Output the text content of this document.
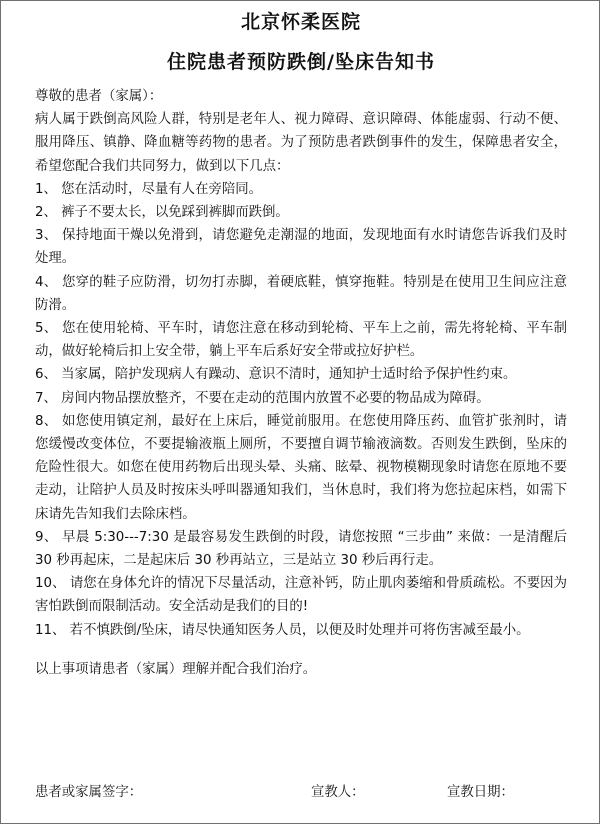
北京怀柔医院
住院患者预防跌倒/坠床告知书

尊敬的患者（家属）：

病人属于跌倒高风险人群，特别是老年人、视力障碍、意识障碍、体能虚弱、行动不便、服用降压、镇静、降血糖等药物的患者。为了预防患者跌倒事件的发生，保障患者安全，希望您配合我们共同努力，做到以下几点：

1、 您在活动时，尽量有人在旁陪同。

2、 裤子不要太长，以免踩到裤脚而跌倒。

3、 保持地面干燥以免滑到，请您避免走潮湿的地面，发现地面有水时请您告诉我们及时处理。

4、 您穿的鞋子应防滑，切勿打赤脚，着硬底鞋，慎穿拖鞋。特别是在使用卫生间应注意防滑。

5、 您在使用轮椅、平车时，请您注意在移动到轮椅、平车上之前，需先将轮椅、平车制动，做好轮椅后扣上安全带，躺上平车后系好安全带或拉好护栏。

6、 当家属，陪护发现病人有躁动、意识不清时，通知护士适时给予保护性约束。

7、 房间内物品摆放整齐，不要在走动的范围内放置不必要的物品成为障碍。

8、 如您使用镇定剂，最好在上床后，睡觉前服用。在您使用降压药、血管扩张剂时，请您缓慢改变体位，不要提输液瓶上厕所，不要擅自调节输液滴数。否则发生跌倒，坠床的危险性很大。如您在使用药物后出现头晕、头痛、眩晕、视物模糊现象时请您在原地不要走动，让陪护人员及时按床头呼叫器通知我们，当休息时，我们将为您拉起床档，如需下床请先告知我们去除床档。

9、 早晨 5:30---7:30 是最容易发生跌倒的时段，请您按照 “三步曲” 来做：一是清醒后 30 秒再起床，二是起床后 30 秒再站立，三是站立 30 秒后再行走。

10、 请您在身体允许的情况下尽量活动，注意补钙，防止肌肉萎缩和骨质疏松。不要因为害怕跌倒而限制活动。安全活动是我们的目的!

11、 若不慎跌倒/坠床，请尽快通知医务人员，以便及时处理并可将伤害减至最小。

以上事项请患者（家属）理解并配合我们治疗。

患者或家属签字：	宣教人：	宣教日期：
